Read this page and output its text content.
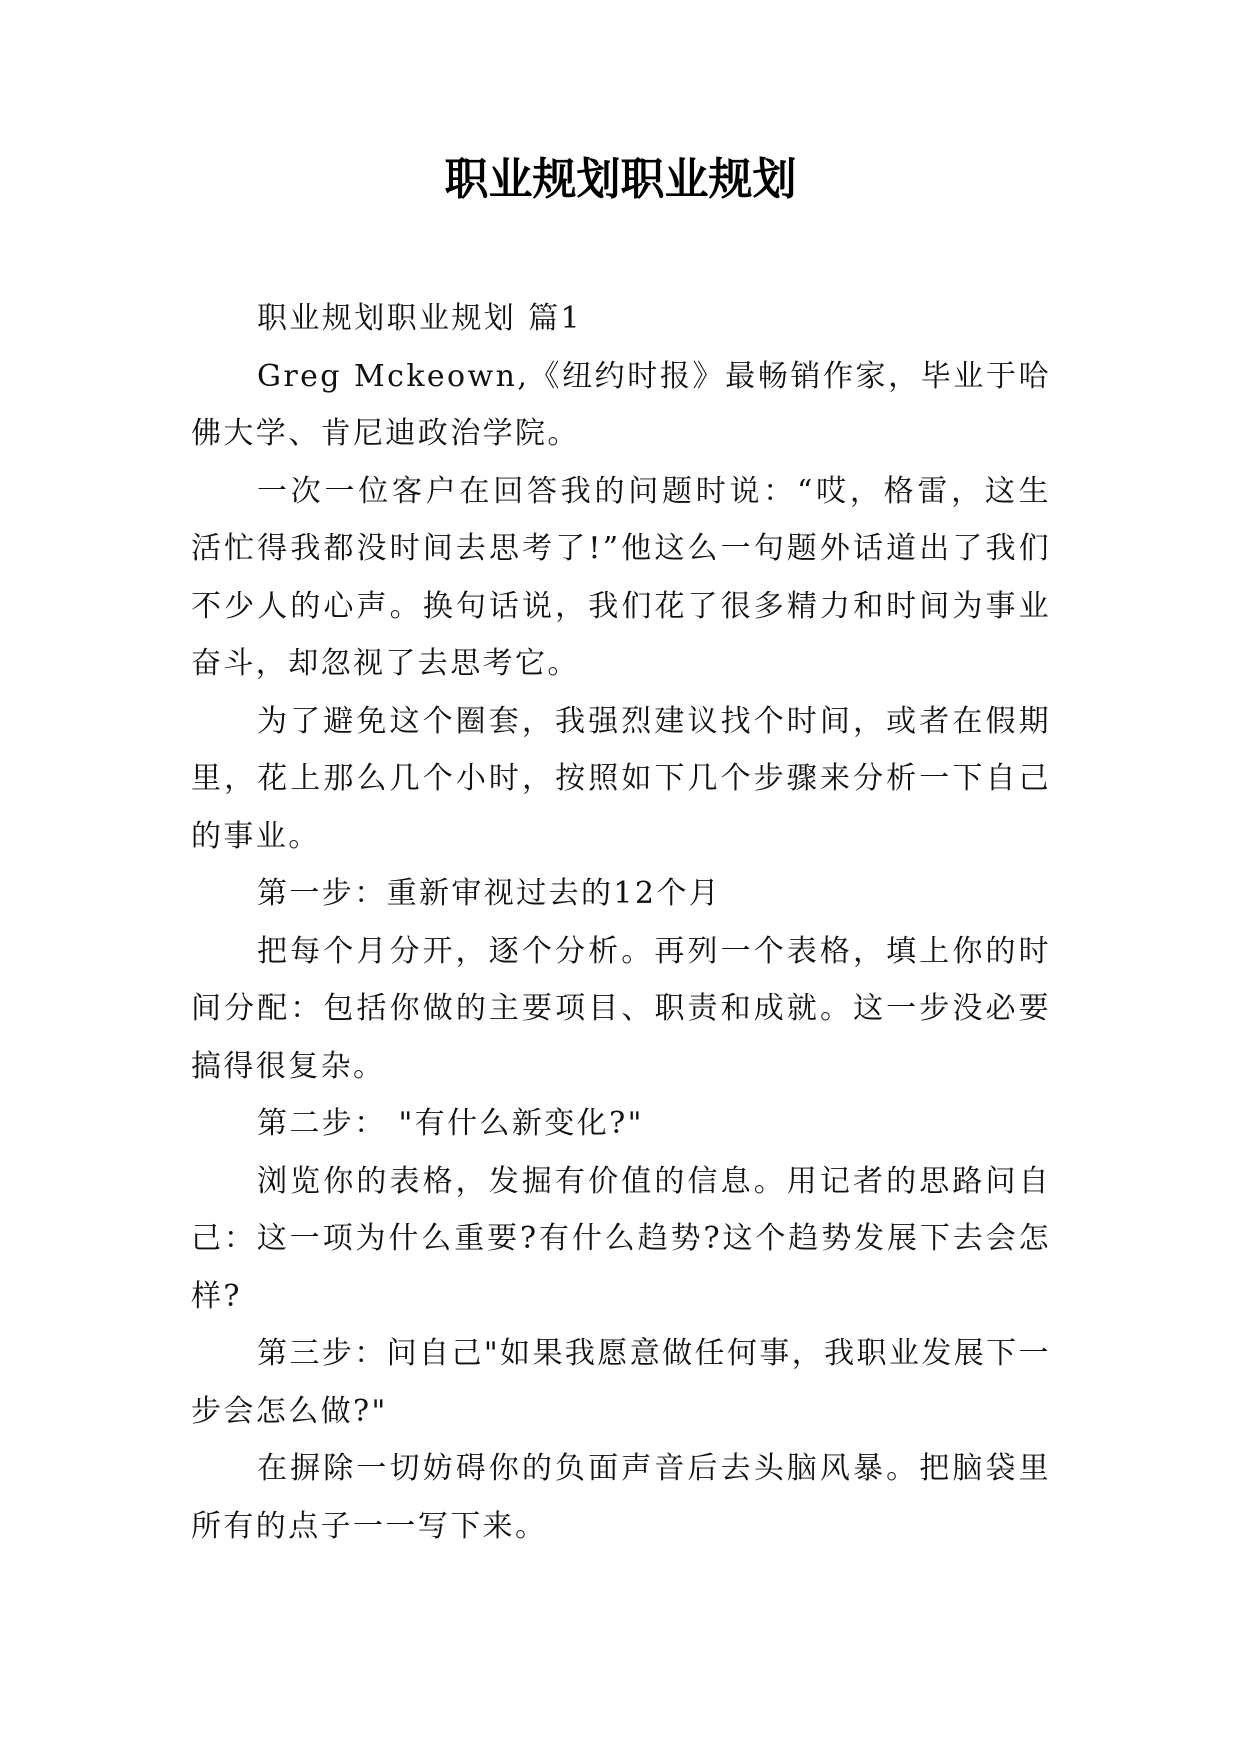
职业规划职业规划

职业规划职业规划 篇1

Greg Mckeown,《纽约时报》最畅销作家，毕业于哈佛大学、肯尼迪政治学院。

一次一位客户在回答我的问题时说：“哎，格雷，这生活忙得我都没时间去思考了!”他这么一句题外话道出了我们不少人的心声。换句话说，我们花了很多精力和时间为事业奋斗，却忽视了去思考它。

为了避免这个圈套，我强烈建议找个时间，或者在假期里，花上那么几个小时，按照如下几个步骤来分析一下自己的事业。

第一步：重新审视过去的12个月

把每个月分开，逐个分析。再列一个表格，填上你的时间分配：包括你做的主要项目、职责和成就。这一步没必要搞得很复杂。

第二步： "有什么新变化?"

浏览你的表格，发掘有价值的信息。用记者的思路问自己：这一项为什么重要?有什么趋势?这个趋势发展下去会怎样?

第三步：问自己"如果我愿意做任何事，我职业发展下一步会怎么做?"

在摒除一切妨碍你的负面声音后去头脑风暴。把脑袋里所有的点子一一写下来。
